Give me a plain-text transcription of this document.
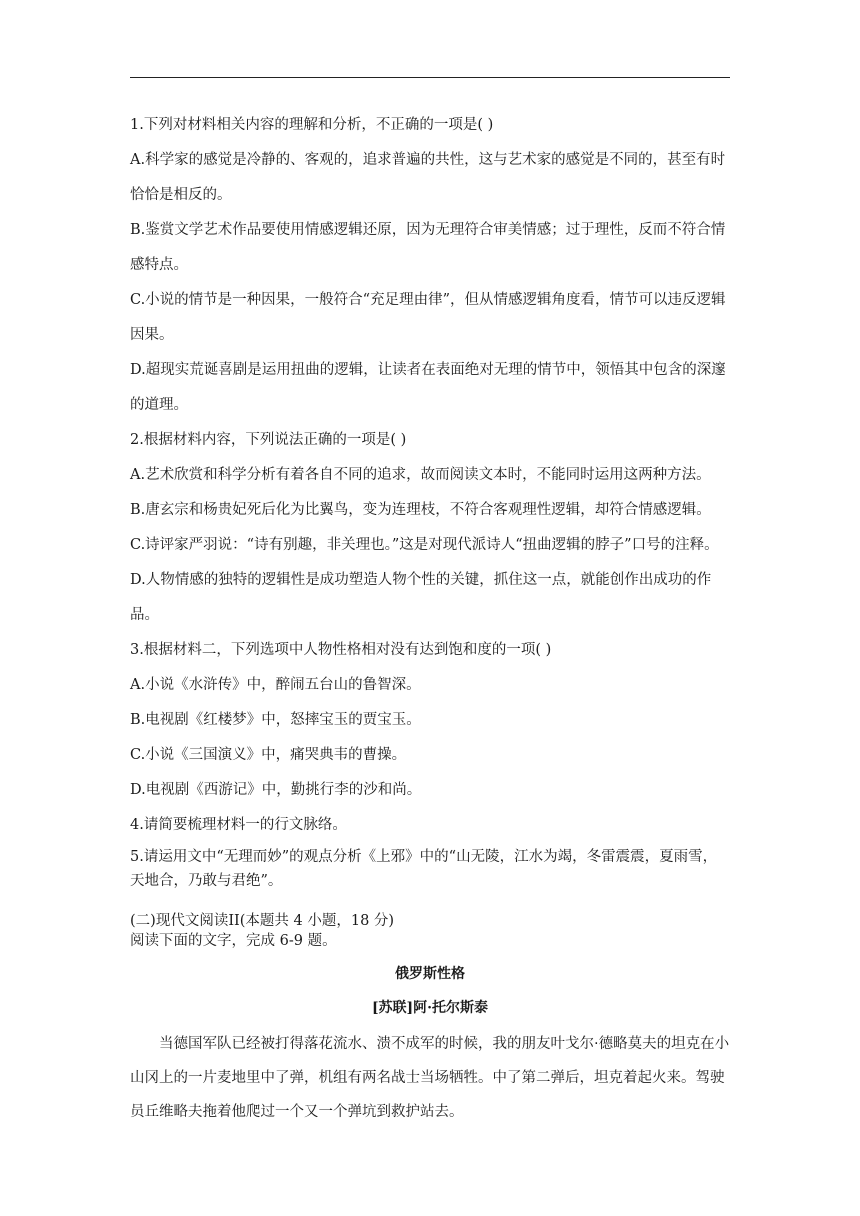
1.下列对材料相关内容的理解和分析，不正确的一项是( )

A.科学家的感觉是冷静的、客观的，追求普遍的共性，这与艺术家的感觉是不同的，甚至有时恰恰是相反的。

B.鉴赏文学艺术作品要使用情感逻辑还原，因为无理符合审美情感；过于理性，反而不符合情感特点。

C.小说的情节是一种因果，一般符合“充足理由律”，但从情感逻辑角度看，情节可以违反逻辑因果。

D.超现实荒诞喜剧是运用扭曲的逻辑，让读者在表面绝对无理的情节中，领悟其中包含的深邃的道理。

2.根据材料内容，下列说法正确的一项是( )

A.艺术欣赏和科学分析有着各自不同的追求，故而阅读文本时，不能同时运用这两种方法。

B.唐玄宗和杨贵妃死后化为比翼鸟，变为连理枝，不符合客观理性逻辑，却符合情感逻辑。

C.诗评家严羽说：“诗有别趣，非关理也。”这是对现代派诗人“扭曲逻辑的脖子”口号的注释。

D.人物情感的独特的逻辑性是成功塑造人物个性的关键，抓住这一点，就能创作出成功的作品。

3.根据材料二，下列选项中人物性格相对没有达到饱和度的一项( )

A.小说《水浒传》中，醉闹五台山的鲁智深。

B.电视剧《红楼梦》中，怒摔宝玉的贾宝玉。

C.小说《三国演义》中，痛哭典韦的曹操。

D.电视剧《西游记》中，勤挑行李的沙和尚。

4.请简要梳理材料一的行文脉络。

5.请运用文中“无理而妙”的观点分析《上邪》中的“山无陵，江水为竭，冬雷震震，夏雨雪，天地合，乃敢与君绝”。

(二)现代文阅读II(本题共 4 小题，18 分)

阅读下面的文字，完成 6-9 题。

俄罗斯性格

[苏联]阿·托尔斯泰

当德国军队已经被打得落花流水、溃不成军的时候，我的朋友叶戈尔·德略莫夫的坦克在小山冈上的一片麦地里中了弹，机组有两名战士当场牺牲。中了第二弹后，坦克着起火来。驾驶员丘维略夫拖着他爬过一个又一个弹坑到救护站去。
